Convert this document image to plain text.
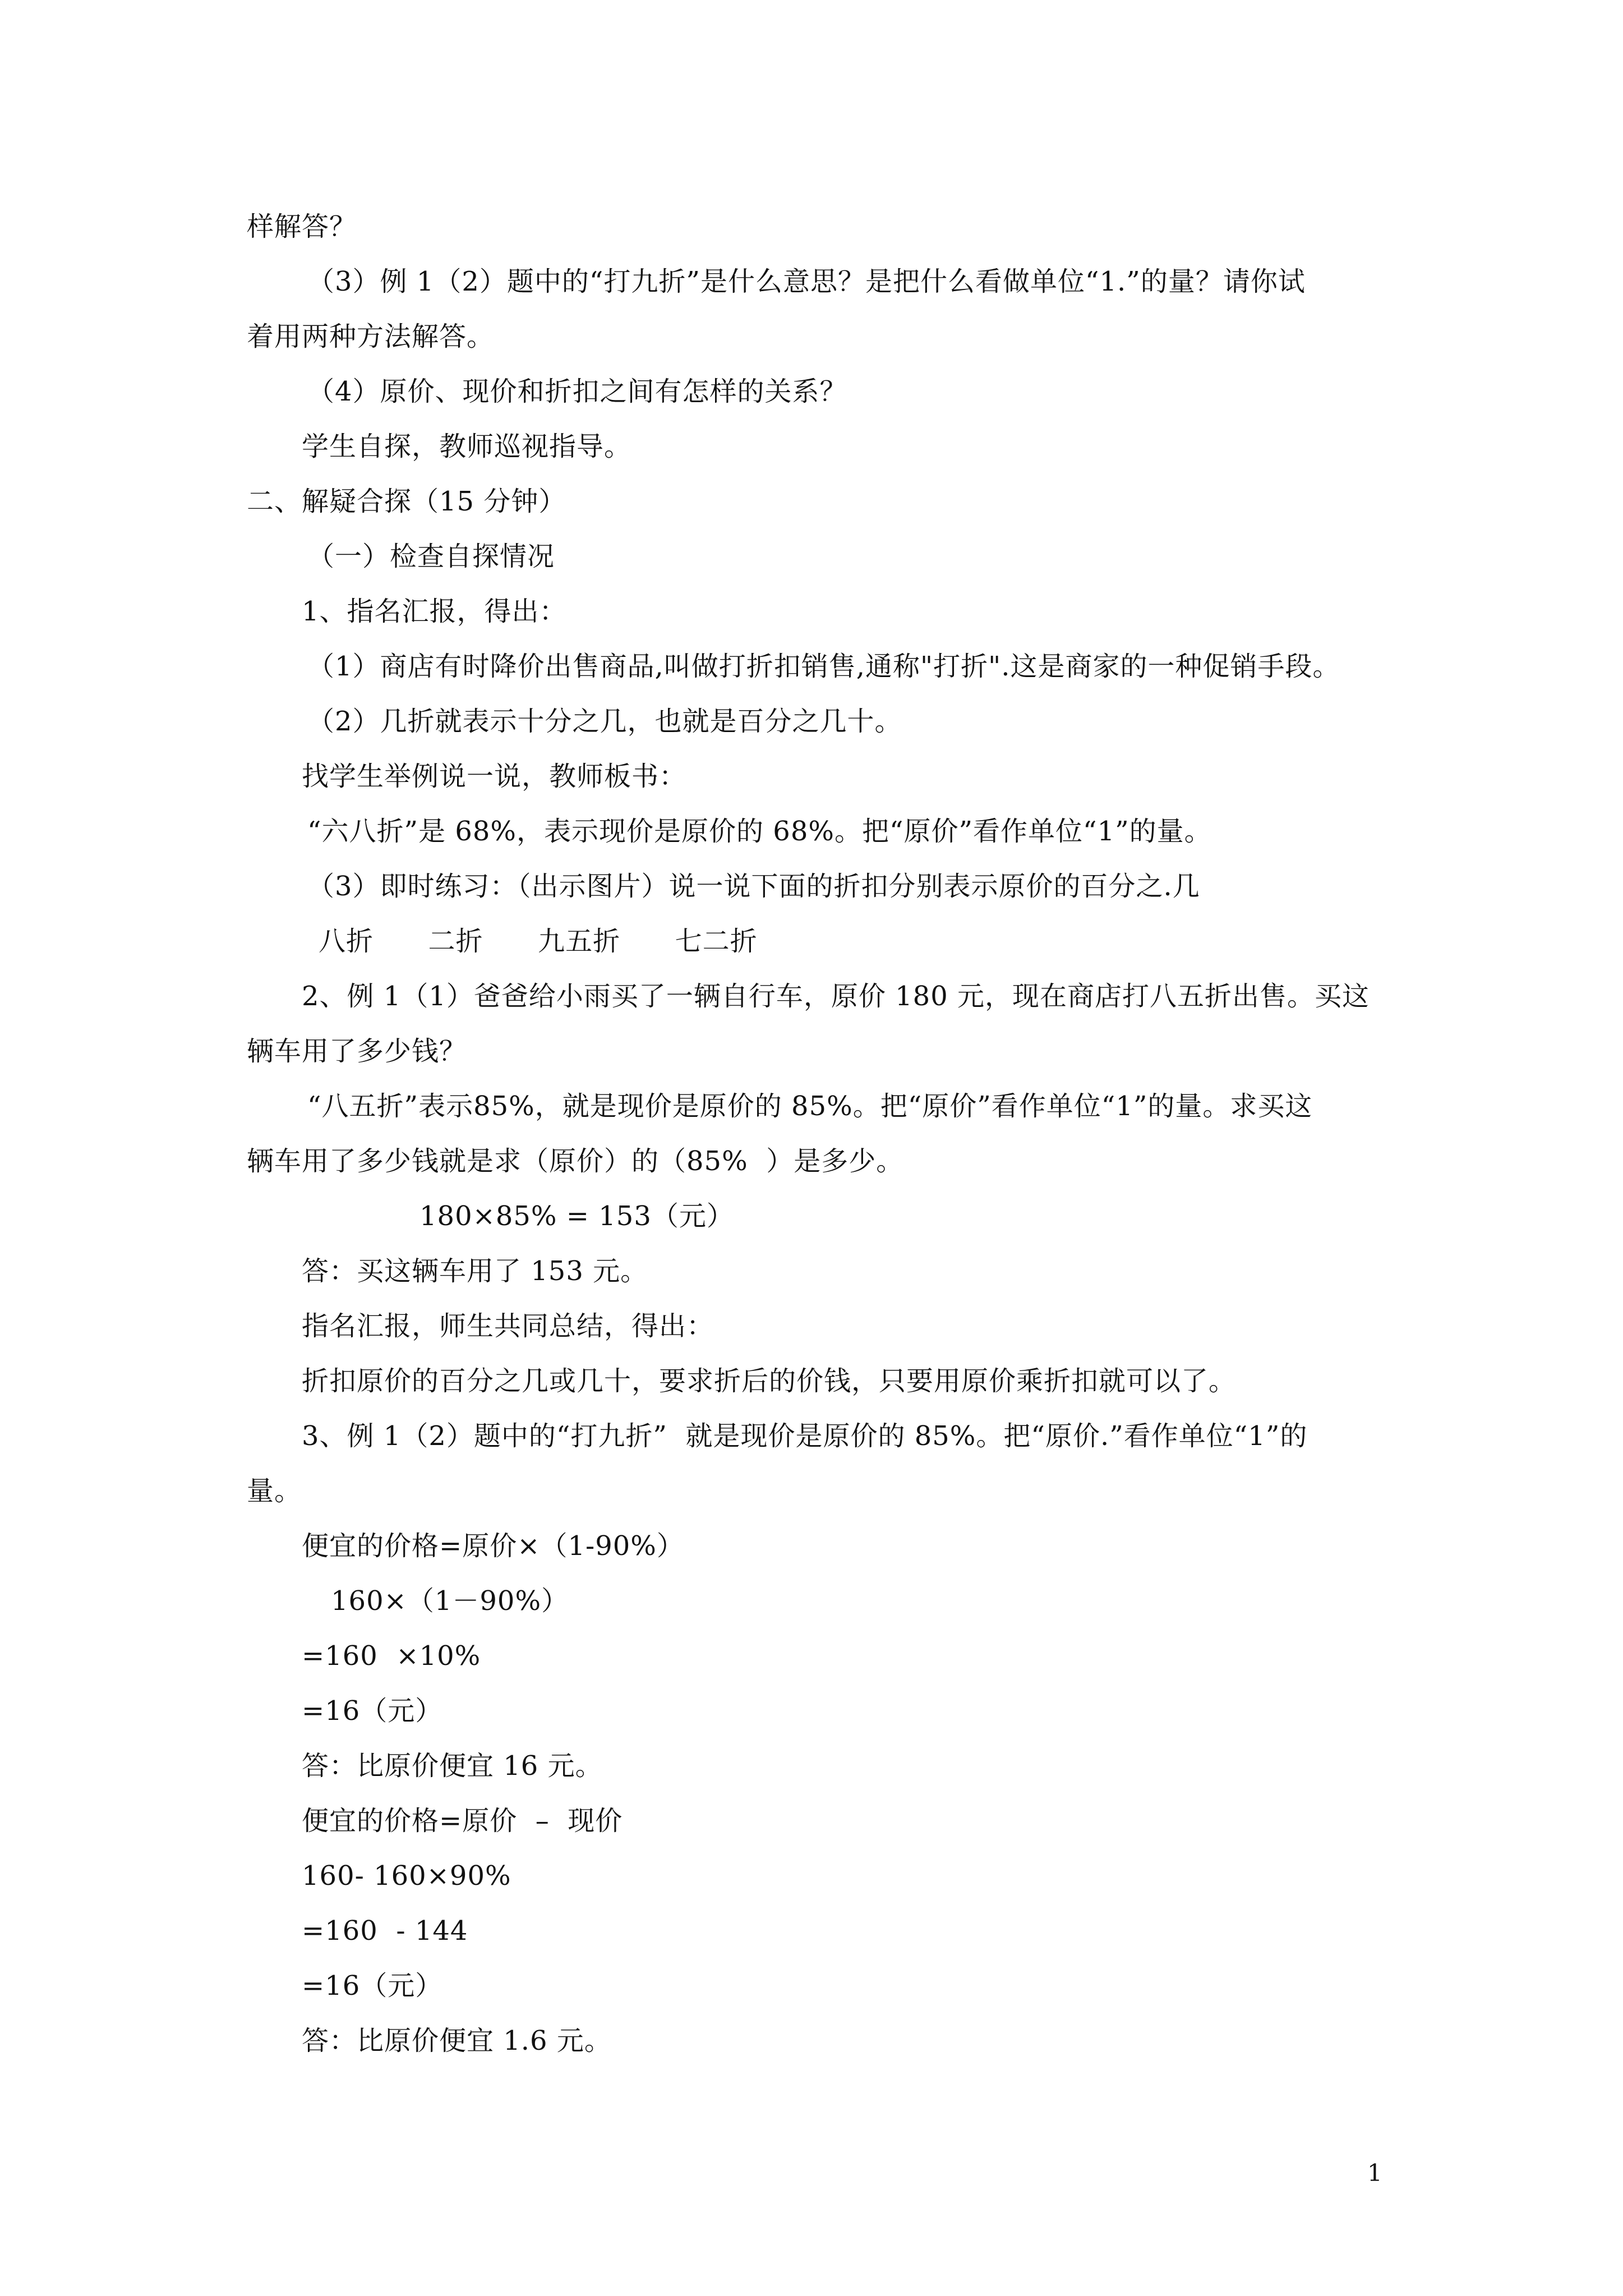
样解答？
（3）例 1（2）题中的“打九折”是什么意思？是把什么看做单位“1.”的量？请你试
着用两种方法解答。
（4）原价、现价和折扣之间有怎样的关系？
学生自探，教师巡视指导。
二、解疑合探（15 分钟）
（一）检查自探情况
1、指名汇报，得出：
（1）商店有时降价出售商品,叫做打折扣销售,通称"打折".这是商家的一种促销手段。
（2）几折就表示十分之几，也就是百分之几十。
找学生举例说一说，教师板书：
“六八折”是 68%，表示现价是原价的 68%。把“原价”看作单位“1”的量。
（3）即时练习：（出示图片）说一说下面的折扣分别表示原价的百分之.几
八折      二折      九五折      七二折
2、例 1（1）爸爸给小雨买了一辆自行车，原价 180 元，现在商店打八五折出售。买这
辆车用了多少钱？
“八五折”表示85%，就是现价是原价的 85%。把“原价”看作单位“1”的量。求买这
辆车用了多少钱就是求（原价）的（85%  ）是多少。
180×85% = 153（元）
答：买这辆车用了 153 元。
指名汇报，师生共同总结，得出：
折扣原价的百分之几或几十，要求折后的价钱，只要用原价乘折扣就可以了。
3、例 1（2）题中的“打九折”  就是现价是原价的 85%。把“原价.”看作单位“1”的
量。
便宜的价格=原价×（1-90%）
160×（1－90%）
=160  ×10%
=16（元）
答：比原价便宜 16 元。
便宜的价格=原价  –  现价
160- 160×90%
=160  - 144
=16（元）
答：比原价便宜 1.6 元。
1
